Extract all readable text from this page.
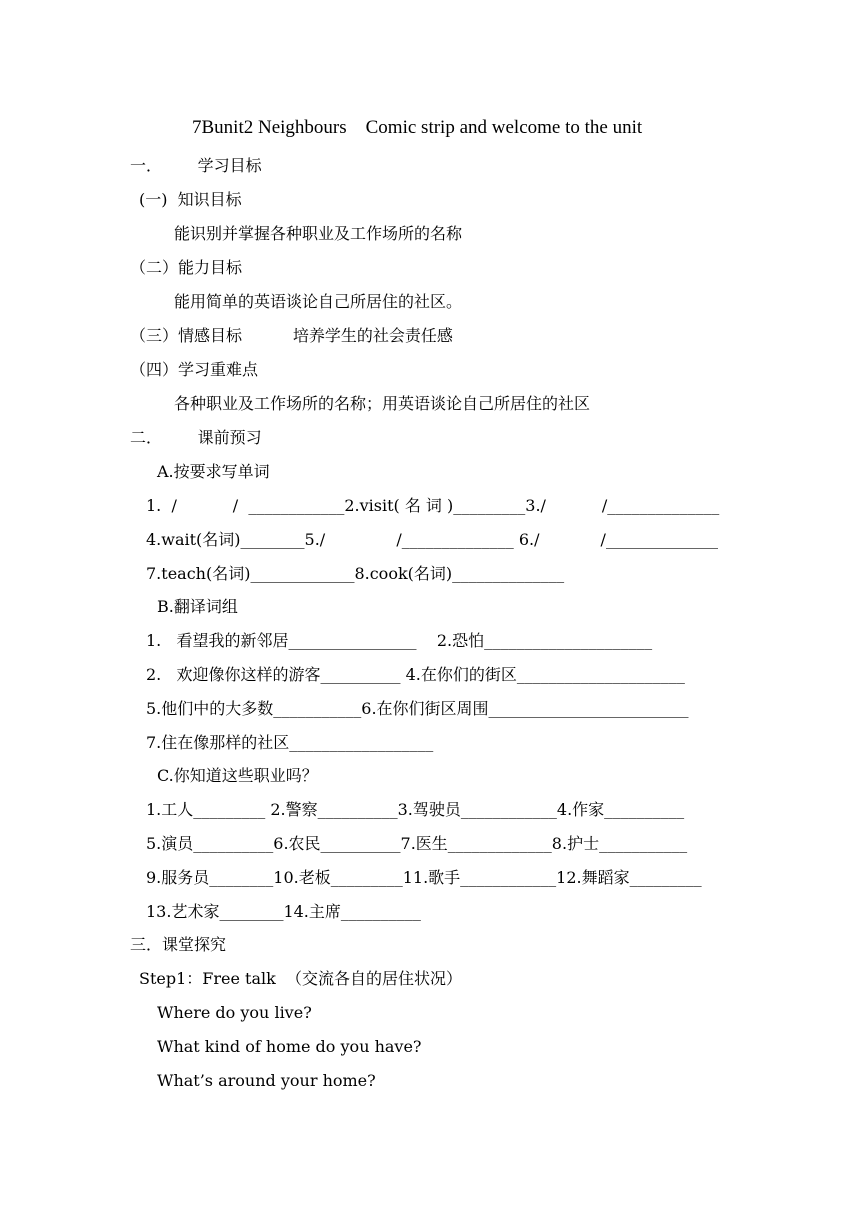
7Bunit2 Neighbours    Comic strip and welcome to the unit
一．       学习目标
(一)  知识目标
能识别并掌握各种职业及工作场所的名称
（二）能力目标
能用简单的英语谈论自己所居住的社区。
（三）情感目标          培养学生的社会责任感
（四）学习重难点
各种职业及工作场所的名称；用英语谈论自己所居住的社区
二．       课前预习
A.按要求写单词
1.  /           /  ____________2.visit( 名 词 )_________3./           /______________
4.wait(名词)________5./              /______________ 6./            /______________
7.teach(名词)_____________8.cook(名词)______________
B.翻译词组
1.   看望我的新邻居________________    2.恐怕_____________________
2.   欢迎像你这样的游客__________ 4.在你们的街区_____________________
5.他们中的大多数___________6.在你们街区周围_________________________
7.住在像那样的社区__________________
C.你知道这些职业吗？
1.工人_________ 2.警察__________3.驾驶员____________4.作家__________
5.演员__________6.农民__________7.医生_____________8.护士___________
9.服务员________10.老板_________11.歌手____________12.舞蹈家_________
13.艺术家________14.主席__________
三．课堂探究
Step1：Free talk  （交流各自的居住状况）
Where do you live?
What kind of home do you have?
What’s around your home?
